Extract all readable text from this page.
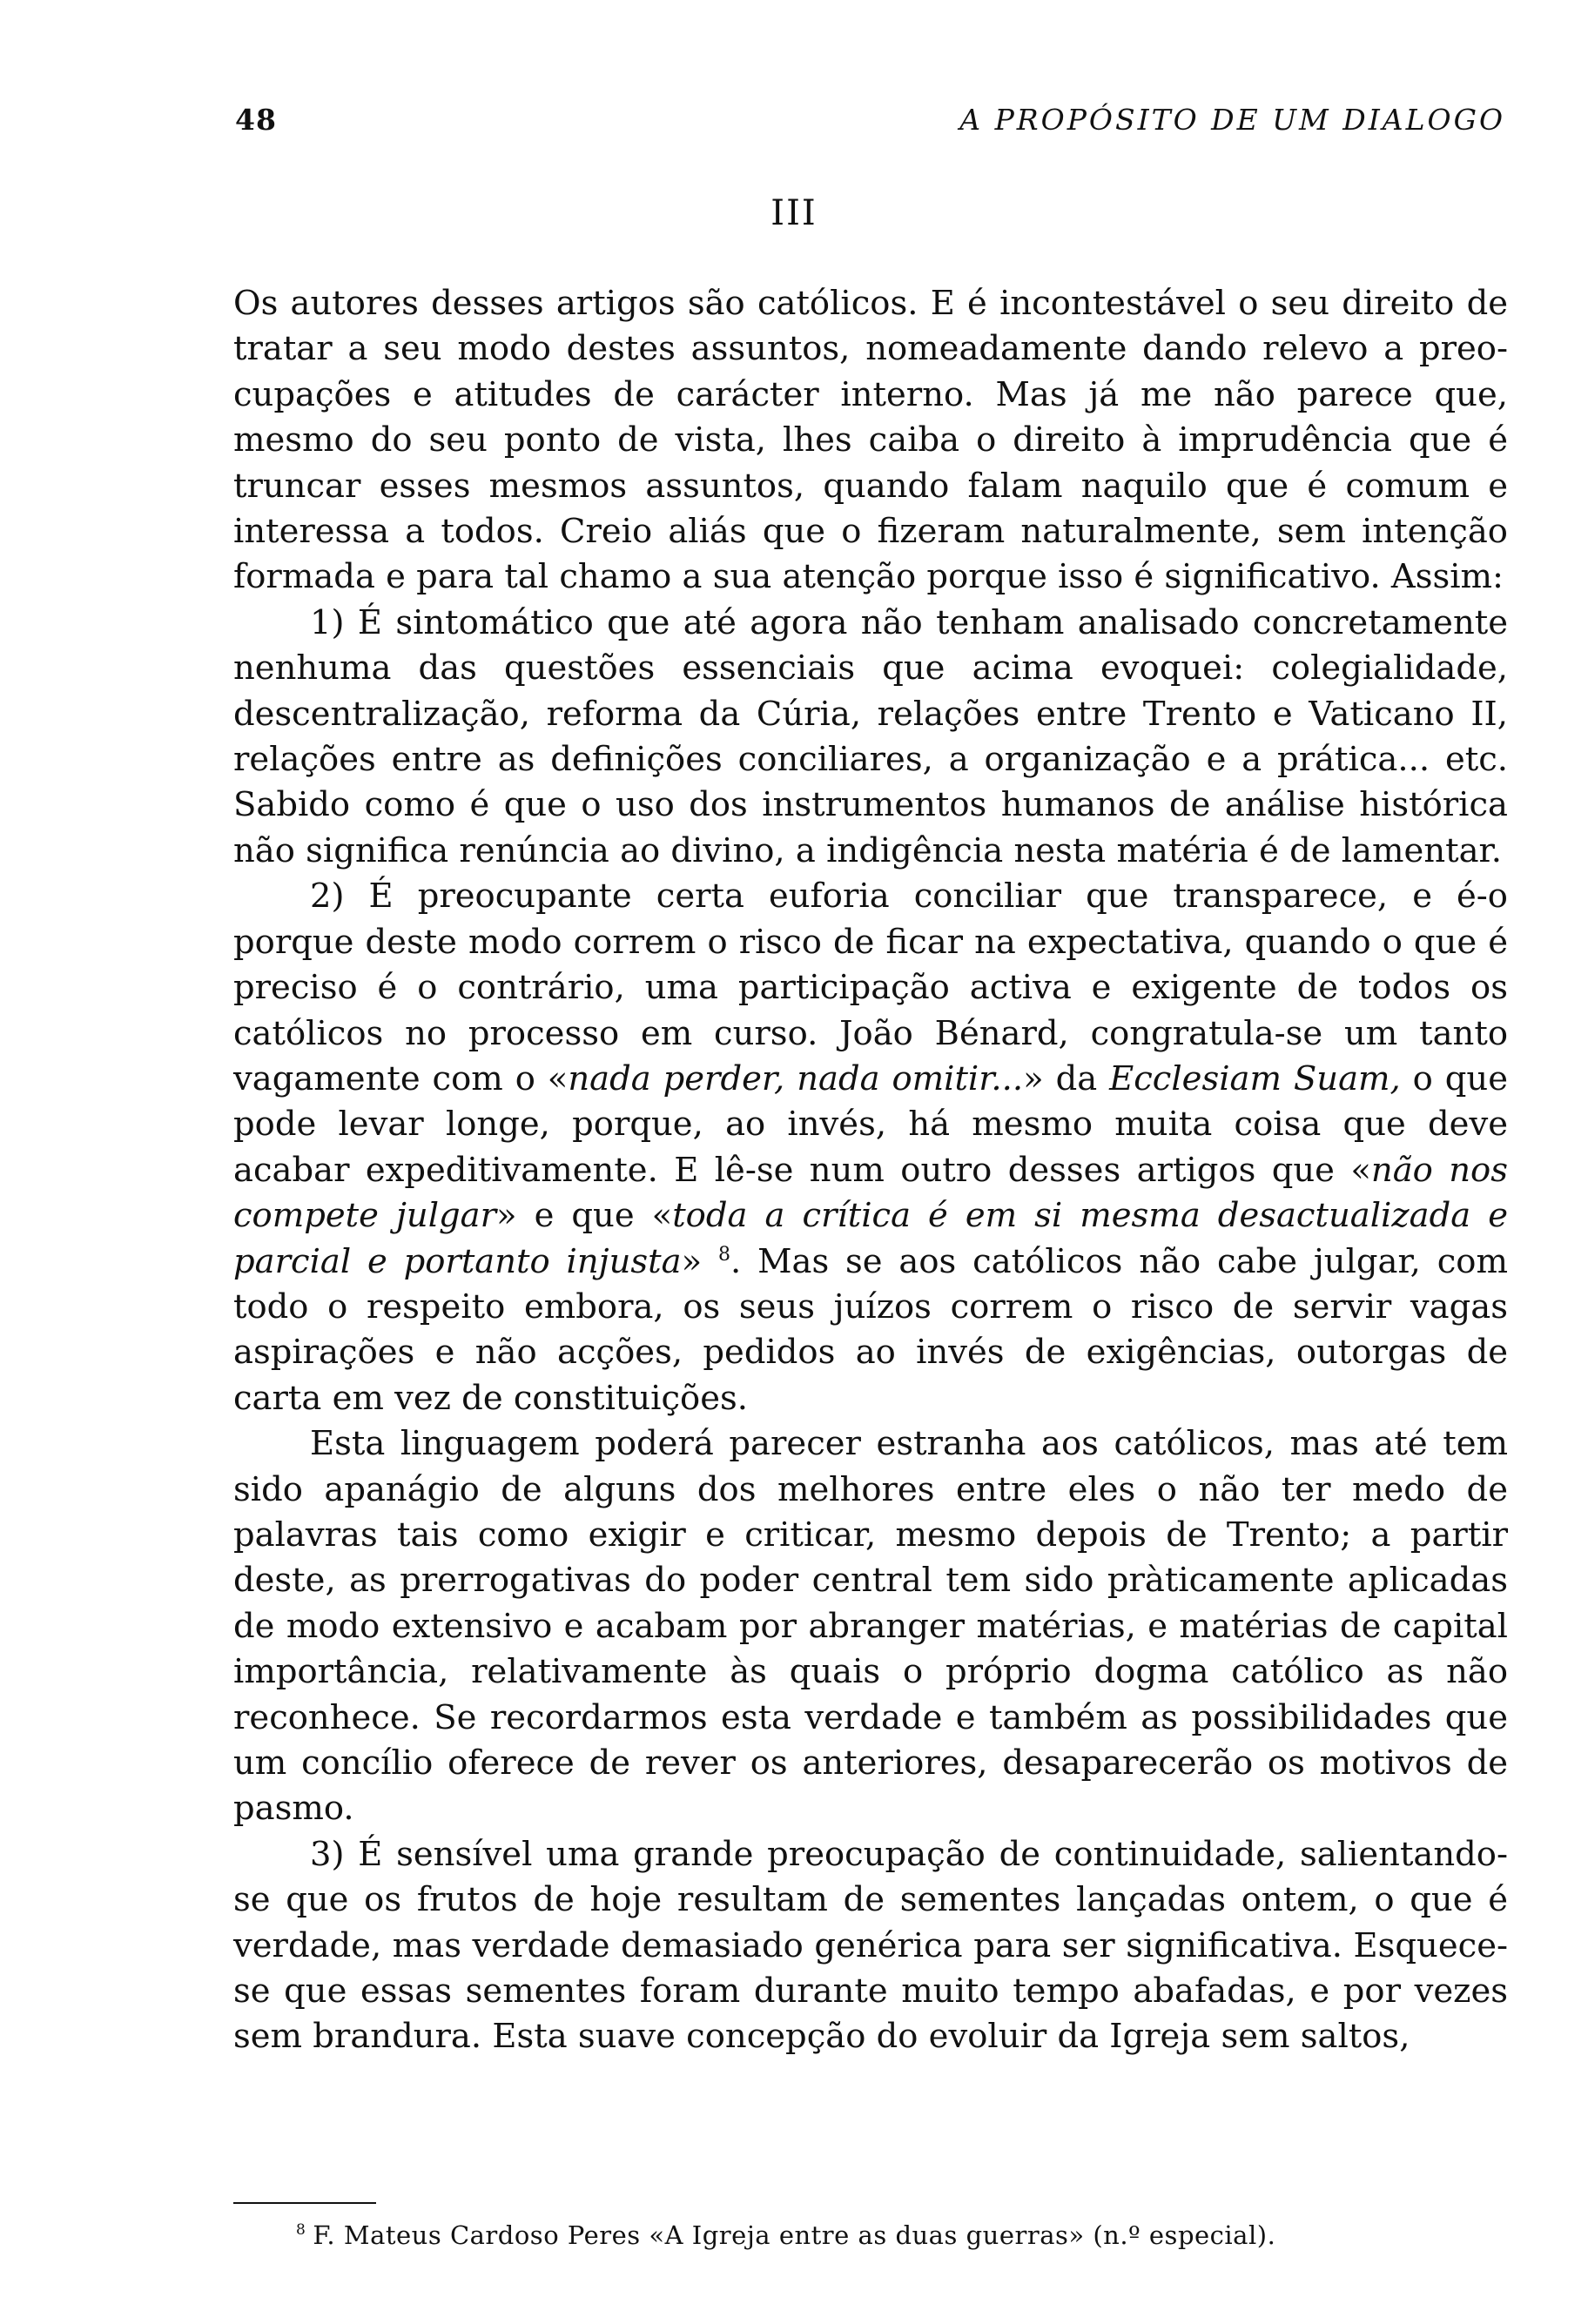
48	A PROPÓSITO DE UM DIALOGO
III

Os autores desses artigos são católicos. E é incontestável o seu direito de tratar a seu modo destes assuntos, nomeadamente dando relevo a preocupações e atitudes de carácter interno. Mas já me não parece que, mesmo do seu ponto de vista, lhes caiba o direito à imprudência que é truncar esses mesmos assuntos, quando falam naquilo que é comum e interessa a todos. Creio aliás que o fizeram naturalmente, sem intenção formada e para tal chamo a sua atenção porque isso é significativo. Assim:

1) É sintomático que até agora não tenham analisado concretamente nenhuma das questões essenciais que acima evoquei: colegialidade, descentralização, reforma da Cúria, relações entre Trento e Vaticano II, relações entre as definições conciliares, a organização e a prática... etc. Sabido como é que o uso dos instrumentos humanos de análise histórica não significa renúncia ao divino, a indigência nesta matéria é de lamentar.

2) É preocupante certa euforia conciliar que transparece, e é-o porque deste modo correm o risco de ficar na expectativa, quando o que é preciso é o contrário, uma participação activa e exigente de todos os católicos no processo em curso. João Bénard, congratula-se um tanto vagamente com o «nada perder, nada omitir...» da Ecclesiam Suam, o que pode levar longe, porque, ao invés, há mesmo muita coisa que deve acabar expeditivamente. E lê-se num outro desses artigos que «não nos compete julgar» e que «toda a crítica é em si mesma desactualizada e parcial e portanto injusta» $^8$. Mas se aos católicos não cabe julgar, com todo o respeito embora, os seus juízos correm o risco de servir vagas aspirações e não acções, pedidos ao invés de exigências, outorgas de carta em vez de constituições.

Esta linguagem poderá parecer estranha aos católicos, mas até tem sido apanágio de alguns dos melhores entre eles o não ter medo de palavras tais como exigir e criticar, mesmo depois de Trento; a partir deste, as prerrogativas do poder central tem sido pràticamente aplicadas de modo extensivo e acabam por abranger matérias, e matérias de capital importância, relativamente às quais o próprio dogma católico as não reconhece. Se recordarmos esta verdade e também as possibilidades que um concílio oferece de rever os anteriores, desaparecerão os motivos de pasmo.

3) É sensível uma grande preocupação de continuidade, salientando-se que os frutos de hoje resultam de sementes lançadas ontem, o que é verdade, mas verdade demasiado genérica para ser significativa. Esquece-se que essas sementes foram durante muito tempo abafadas, e por vezes sem brandura. Esta suave concepção do evoluir da Igreja sem saltos,

$^8$ F. Mateus Cardoso Peres «A Igreja entre as duas guerras» (n.º especial).
